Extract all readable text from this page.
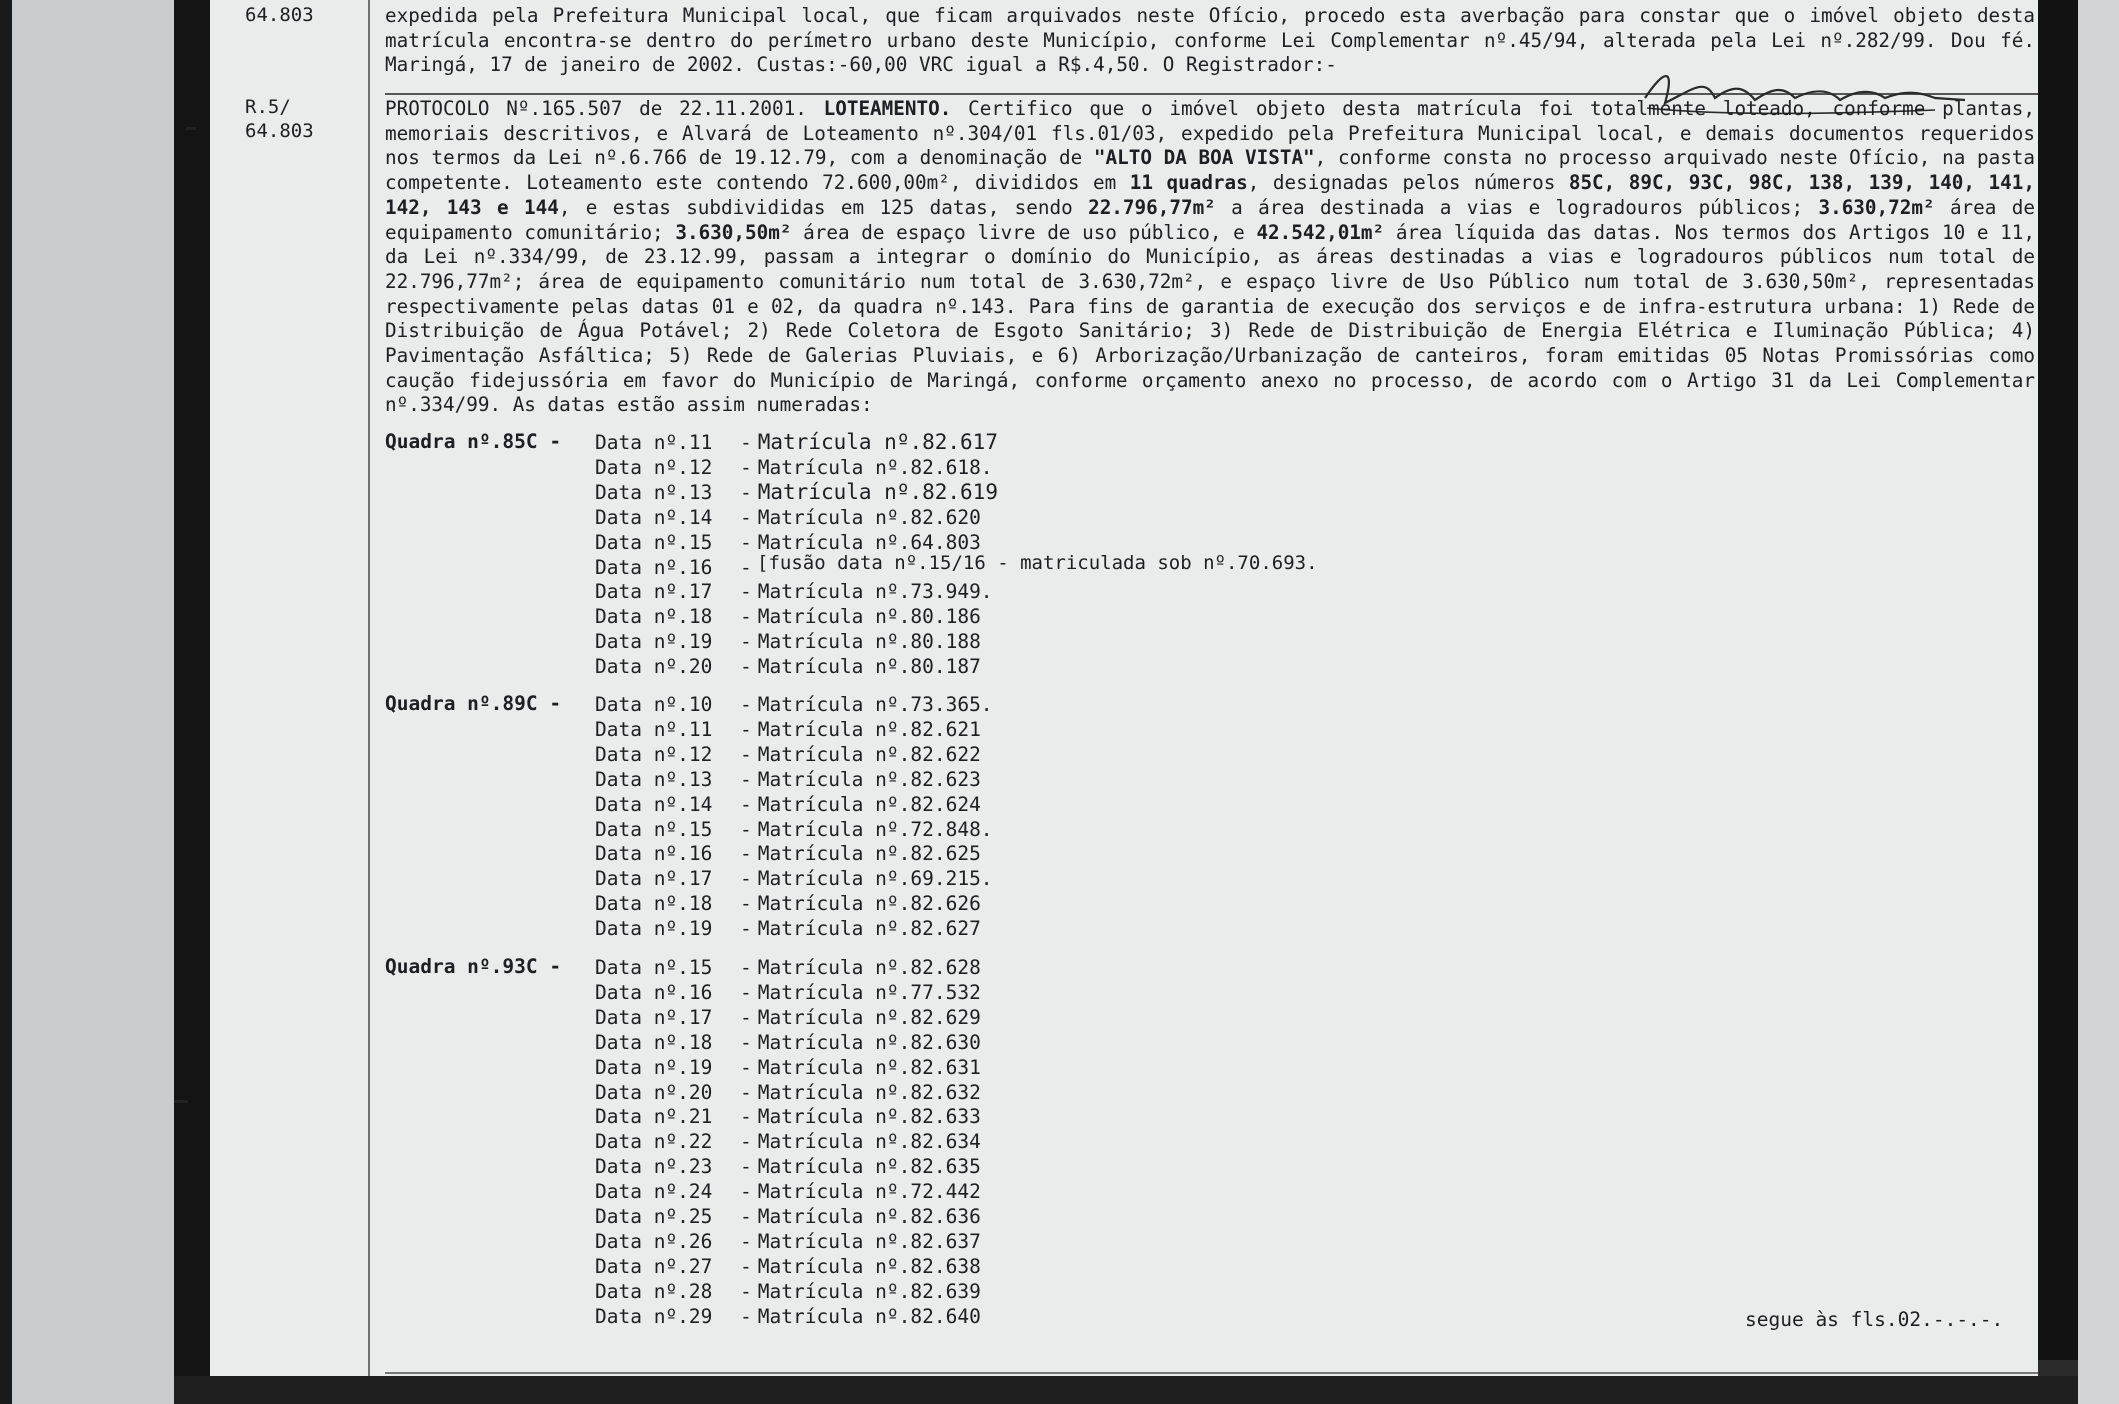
64.803
R.5/
64.803
expedida pela Prefeitura Municipal local, que ficam arquivados neste Ofício, procedo esta averbação para constar que o imóvel objeto desta matrícula encontra-se dentro do perímetro urbano deste Município, conforme Lei Complementar nº.45/94, alterada pela Lei nº.282/99. Dou fé. Maringá, 17 de janeiro de 2002. Custas:-60,00 VRC igual a R$.4,50. O Registrador:-

PROTOCOLO Nº.165.507 de 22.11.2001. LOTEAMENTO. Certifico que o imóvel objeto desta matrícula foi totalmente loteado, conforme plantas, memoriais descritivos, e Alvará de Loteamento nº.304/01 fls.01/03, expedido pela Prefeitura Municipal local, e demais documentos requeridos nos termos da Lei nº.6.766 de 19.12.79, com a denominação de "ALTO DA BOA VISTA", conforme consta no processo arquivado neste Ofício, na pasta competente. Loteamento este contendo 72.600,00m², divididos em 11 quadras, designadas pelos números 85C, 89C, 93C, 98C, 138, 139, 140, 141, 142, 143 e 144, e estas subdivididas em 125 datas, sendo 22.796,77m² a área destinada a vias e logradouros públicos; 3.630,72m² área de equipamento comunitário; 3.630,50m² área de espaço livre de uso público, e 42.542,01m² área líquida das datas. Nos termos dos Artigos 10 e 11, da Lei nº.334/99, de 23.12.99, passam a integrar o domínio do Município, as áreas destinadas a vias e logradouros públicos num total de 22.796,77m²; área de equipamento comunitário num total de 3.630,72m², e espaço livre de Uso Público num total de 3.630,50m², representadas respectivamente pelas datas 01 e 02, da quadra nº.143. Para fins de garantia de execução dos serviços e de infra-estrutura urbana: 1) Rede de Distribuição de Água Potável; 2) Rede Coletora de Esgoto Sanitário; 3) Rede de Distribuição de Energia Elétrica e Iluminação Pública; 4) Pavimentação Asfáltica; 5) Rede de Galerias Pluviais, e 6) Arborização/Urbanização de canteiros, foram emitidas 05 Notas Promissórias como caução fidejussória em favor do Município de Maringá, conforme orçamento anexo no processo, de acordo com o Artigo 31 da Lei Complementar nº.334/99. As datas estão assim numeradas:

Quadra nº.85C - Data nº.11 - Matrícula nº.82.617
Data nº.12 - Matrícula nº.82.618.
Data nº.13 - Matrícula nº.82.619
Data nº.14 - Matrícula nº.82.620
Data nº.15 - Matrícula nº.64.803
Data nº.16 -
Data nº.17 - Matrícula nº.73.949.
Data nº.18 - Matrícula nº.80.186
Data nº.19 - Matrícula nº.80.188
Data nº.20 - Matrícula nº.80.187
[fusão data nº.15/16 - matriculada sob nº.70.693.
Quadra nº.89C - Data nº.10 - Matrícula nº.73.365.
Data nº.11 - Matrícula nº.82.621
Data nº.12 - Matrícula nº.82.622
Data nº.13 - Matrícula nº.82.623
Data nº.14 - Matrícula nº.82.624
Data nº.15 - Matrícula nº.72.848.
Data nº.16 - Matrícula nº.82.625
Data nº.17 - Matrícula nº.69.215.
Data nº.18 - Matrícula nº.82.626
Data nº.19 - Matrícula nº.82.627
Quadra nº.93C - Data nº.15 - Matrícula nº.82.628
Data nº.16 - Matrícula nº.77.532
Data nº.17 - Matrícula nº.82.629
Data nº.18 - Matrícula nº.82.630
Data nº.19 - Matrícula nº.82.631
Data nº.20 - Matrícula nº.82.632
Data nº.21 - Matrícula nº.82.633
Data nº.22 - Matrícula nº.82.634
Data nº.23 - Matrícula nº.82.635
Data nº.24 - Matrícula nº.72.442
Data nº.25 - Matrícula nº.82.636
Data nº.26 - Matrícula nº.82.637
Data nº.27 - Matrícula nº.82.638
Data nº.28 - Matrícula nº.82.639
Data nº.29 - Matrícula nº.82.640	segue às fls.02.-.-.-.
